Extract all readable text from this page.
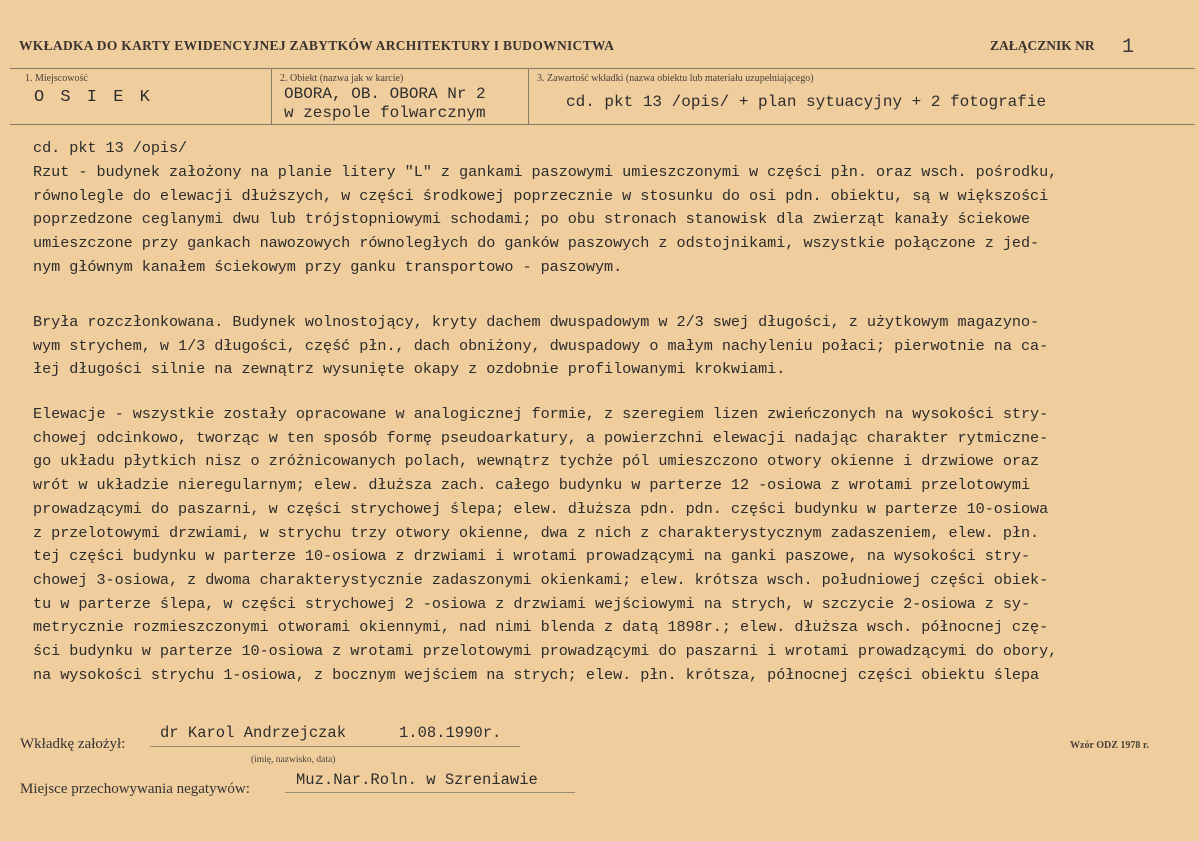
WKŁADKA DO KARTY EWIDENCYJNEJ ZABYTKÓW ARCHITEKTURY I BUDOWNICTWA	ZAŁĄCZNIK NR 1
1. Miejscowość
O S I E K
2. Obiekt (nazwa jak w karcie)
OBORA, OB. OBORA Nr 2
w zespole folwarcznym
3. Zawartość wkładki (nazwa obiektu lub materiału uzupełniającego)
cd. pkt 13 /opis/ + plan sytuacyjny + 2 fotografie
cd. pkt 13 /opis/
Rzut - budynek założony na planie litery "L" z gankami paszowymi umieszczonymi w części płn. oraz wsch. pośrodku,
równolegle do elewacji dłuższych, w części środkowej poprzecznie w stosunku do osi pdn. obiektu, są w większości
poprzedzone ceglanymi dwu lub trójstopniowymi schodami; po obu stronach stanowisk dla zwierząt kanały ściekowe
umieszczone przy gankach nawozowych równoległych do ganków paszowych z odstojnikami, wszystkie połączone z jed-
nym głównym kanałem ściekowym przy ganku transportowo - paszowym.
Bryła rozczłonkowana. Budynek wolnostojący, kryty dachem dwuspadowym w 2/3 swej długości, z użytkowym magazyno-
wym strychem, w 1/3 długości, część płn., dach obniżony, dwuspadowy o małym nachyleniu połaci; pierwotnie na ca-
łej długości silnie na zewnątrz wysunięte okapy z ozdobnie profilowanymi krokwiami.
Elewacje - wszystkie zostały opracowane w analogicznej formie, z szeregiem lizen zwieńczonych na wysokości stry-
chowej odcinkowo, tworząc w ten sposób formę pseudoarkatury, a powierzchni elewacji nadając charakter rytmiczne-
go układu płytkich nisz o zróżnicowanych polach, wewnątrz tychże pól umieszczono otwory okienne i drzwiowe oraz
wrót w układzie nieregularnym; elew. dłuższa zach. całego budynku w parterze 12 -osiowa z wrotami przelotowymi
prowadzącymi do paszarni, w części strychowej ślepa; elew. dłuższa pdn. pdn. części budynku w parterze 10-osiowa
z przelotowymi drzwiami, w strychu trzy otwory okienne, dwa z nich z charakterystycznym zadaszeniem, elew. płn.
tej części budynku w parterze 10-osiowa z drzwiami i wrotami prowadzącymi na ganki paszowe, na wysokości stry-
chowej 3-osiowa, z dwoma charakterystycznie zadaszonymi okienkami; elew. krótsza wsch. południowej części obiek-
tu w parterze ślepa, w części strychowej 2 -osiowa z drzwiami wejściowymi na strych, w szczycie 2-osiowa z sy-
metrycznie rozmieszczonymi otworami okiennymi, nad nimi blenda z datą 1898r.; elew. dłuższa wsch. północnej czę-
ści budynku w parterze 10-osiowa z wrotami przelotowymi prowadzącymi do paszarni i wrotami prowadzącymi do obory,
na wysokości strychu 1-osiowa, z bocznym wejściem na strych; elew. płn. krótsza, północnej części obiektu ślepa
Wkładkę założył:
dr Karol Andrzejczak	1.08.1990r.
(imię, nazwisko, data)
Wzór ODZ 1978 r.
Miejsce przechowywania negatywów:	Muz.Nar.Roln. w Szreniawie
